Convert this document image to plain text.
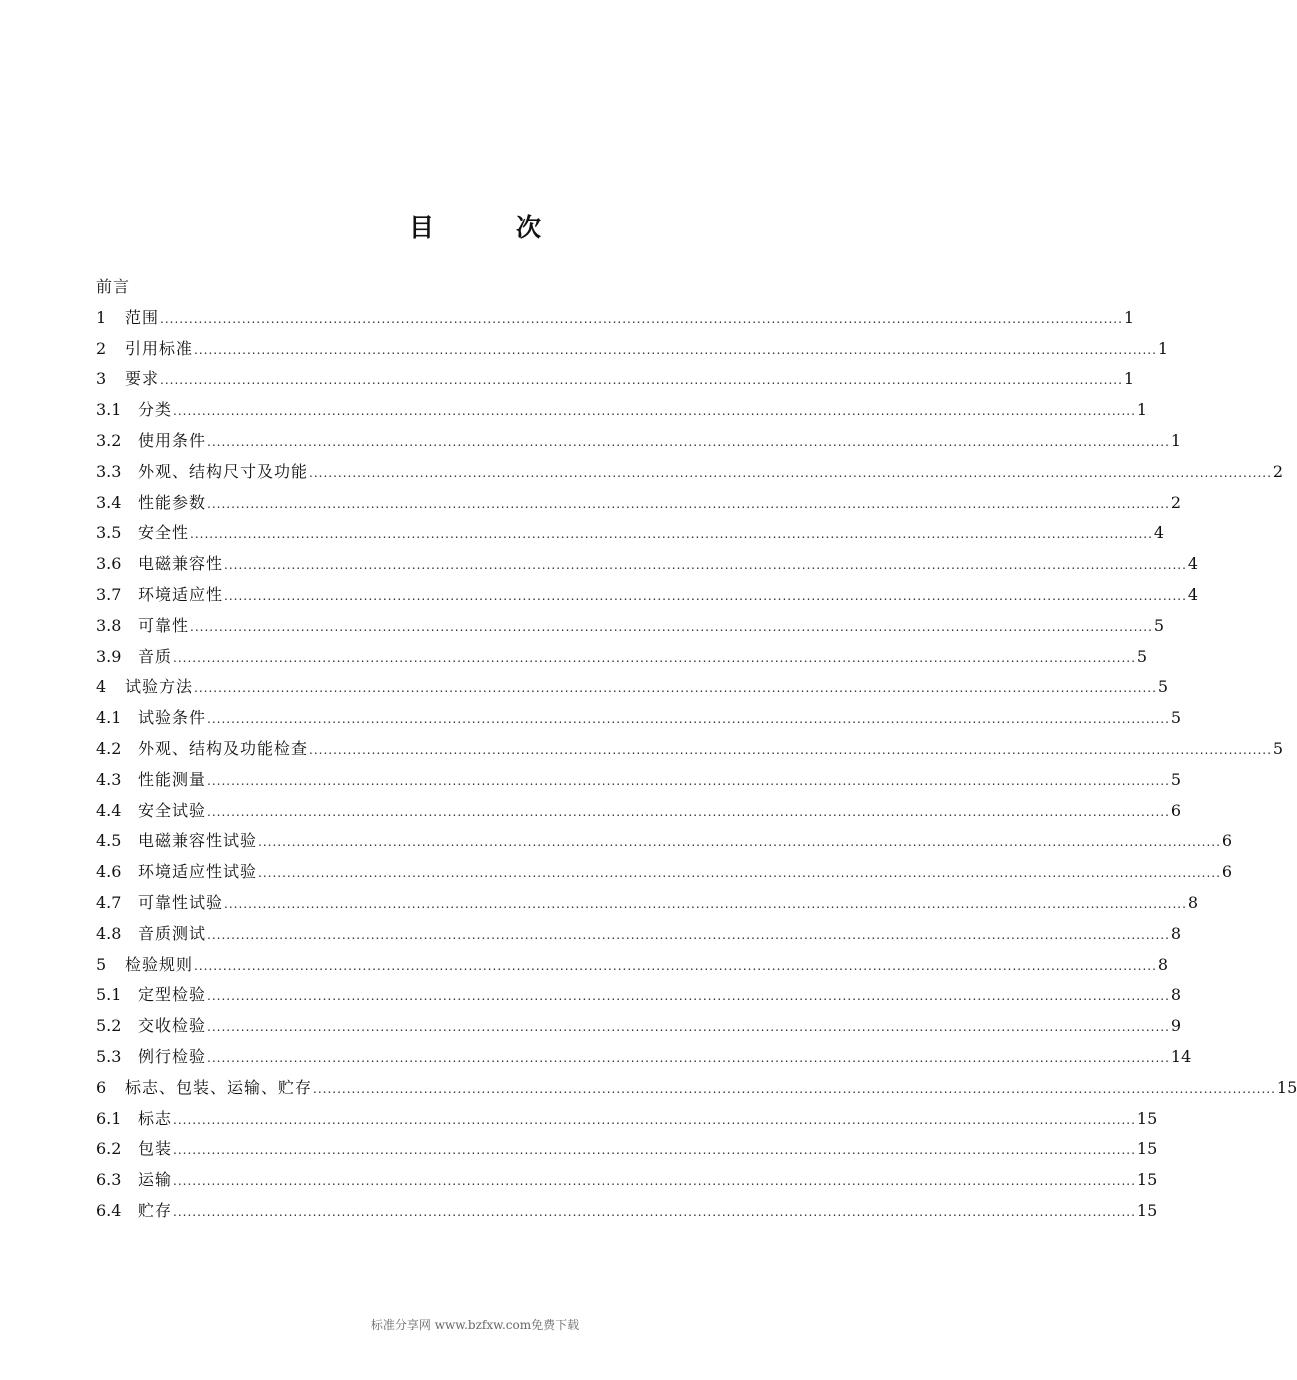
目	次
前言
1	范围 ........................................................................................................................................................................................................ 1
2	引用标准 ........................................................................................................................................................................................................ 1
3	要求 ........................................................................................................................................................................................................ 1
3.1	分类 ........................................................................................................................................................................................................ 1
3.2	使用条件 ........................................................................................................................................................................................................ 1
3.3	外观、结构尺寸及功能 ........................................................................................................................................................................................................ 2
3.4	性能参数 ........................................................................................................................................................................................................ 2
3.5	安全性 ........................................................................................................................................................................................................ 4
3.6	电磁兼容性 ........................................................................................................................................................................................................ 4
3.7	环境适应性 ........................................................................................................................................................................................................ 4
3.8	可靠性 ........................................................................................................................................................................................................ 5
3.9	音质 ........................................................................................................................................................................................................ 5
4	试验方法 ........................................................................................................................................................................................................ 5
4.1	试验条件 ........................................................................................................................................................................................................ 5
4.2	外观、结构及功能检查 ........................................................................................................................................................................................................ 5
4.3	性能测量 ........................................................................................................................................................................................................ 5
4.4	安全试验 ........................................................................................................................................................................................................ 6
4.5	电磁兼容性试验 ........................................................................................................................................................................................................ 6
4.6	环境适应性试验 ........................................................................................................................................................................................................ 6
4.7	可靠性试验 ........................................................................................................................................................................................................ 8
4.8	音质测试 ........................................................................................................................................................................................................ 8
5	检验规则 ........................................................................................................................................................................................................ 8
5.1	定型检验 ........................................................................................................................................................................................................ 8
5.2	交收检验 ........................................................................................................................................................................................................ 9
5.3	例行检验 ........................................................................................................................................................................................................ 14
6	标志、包装、运输、贮存 ........................................................................................................................................................................................................ 15
6.1	标志 ........................................................................................................................................................................................................ 15
6.2	包装 ........................................................................................................................................................................................................ 15
6.3	运输 ........................................................................................................................................................................................................ 15
6.4	贮存 ........................................................................................................................................................................................................ 15
标准分享网 www.bzfxw.com免费下载
